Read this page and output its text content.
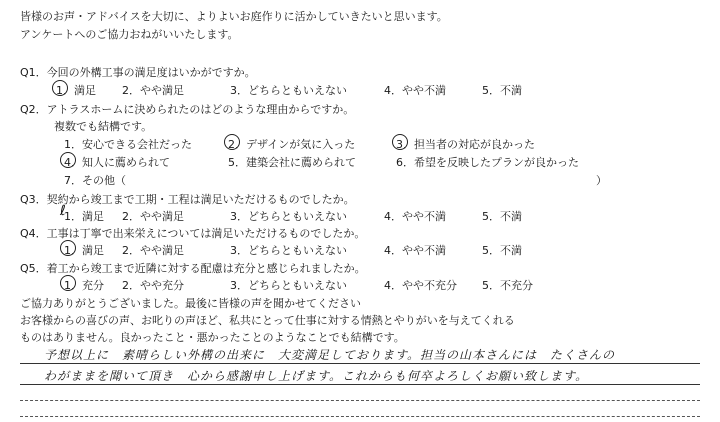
皆様のお声・アドバイスを大切に、よりよいお庭作りに活かしていきたいと思います。
アンケートへのご協力おねがいいたします。
Q1．今回の外構工事の満足度はいかがですか。
1．満足 2．やや満足	3．どちらともいえない	4．やや不満	5．不満
Q2．アトラスホームに決められたのはどのような理由からですか。
複数でも結構です。
1．安心できる会社だった	2．デザインが気に入った	3．担当者の対応が良かった
4．知人に薦められて	5．建築会社に薦められて	6．希望を反映したプランが良かった
7．その他（	）
Q3．契約から竣工まで工期・工程は満足いただけるものでしたか。
1．満足
ℓ	2．やや満足	3．どちらともいえない	4．やや不満	5．不満
Q4．工事は丁寧で出来栄えについては満足いただけるものでしたか。
1．満足 2．やや満足	3．どちらともいえない	4．やや不満	5．不満
Q5．着工から竣工まで近隣に対する配慮は充分と感じられましたか。
1．充分 2．やや充分	3．どちらともいえない	4．やや不充分 5．不充分
ご協力ありがとうございました。最後に皆様の声を聞かせてください
お客様からの喜びの声、お叱りの声ほど、私共にとって仕事に対する情熱とやりがいを与えてくれる
ものはありません。良かったこと・悪かったことのようなことでも結構です。
予想以上に　素晴らしい外構の出来に　大変満足しております。担当の山本さんには　たくさんの
わがままを聞いて頂き　心から感謝申し上げます。これからも何卒よろしくお願い致します。
